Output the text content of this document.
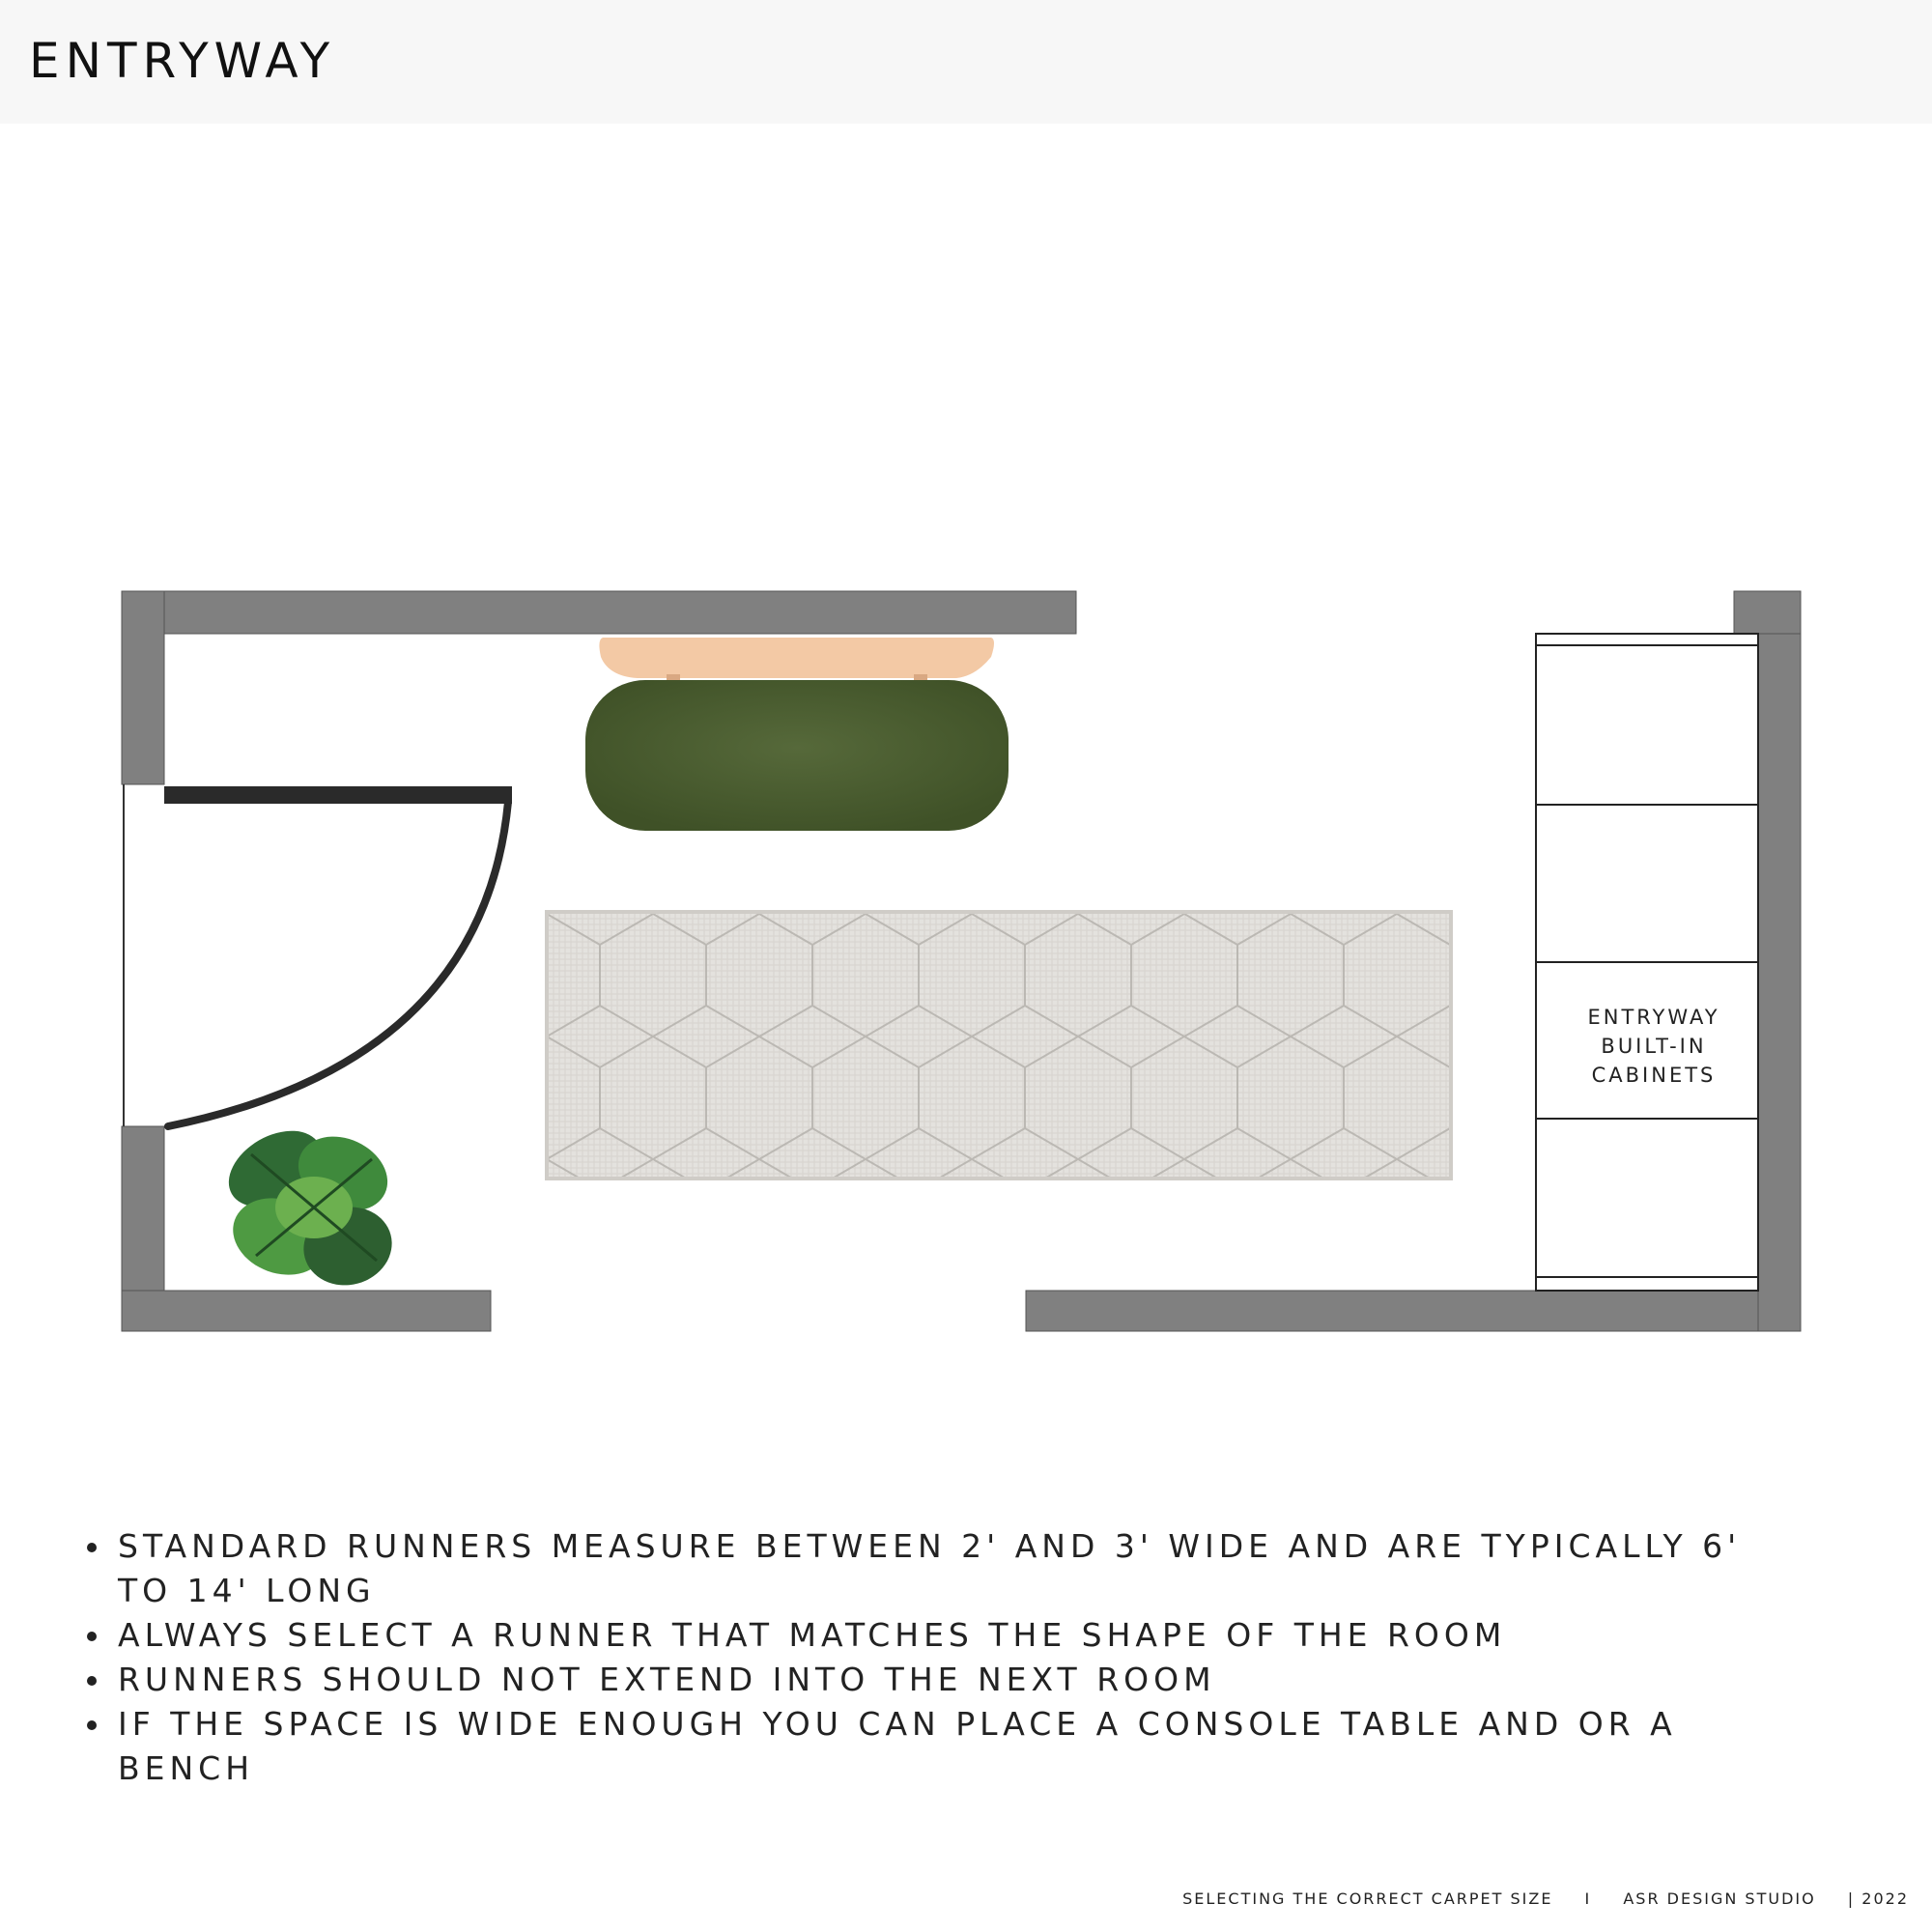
ENTRYWAY
ENTRYWAY
BUILT-IN
CABINETS
STANDARD RUNNERS MEASURE BETWEEN 2' AND 3' WIDE AND ARE TYPICALLY 6' TO 14' LONG
ALWAYS SELECT A RUNNER THAT MATCHES THE SHAPE OF THE ROOM
RUNNERS SHOULD NOT EXTEND INTO THE NEXT ROOM
IF THE SPACE IS WIDE ENOUGH YOU CAN PLACE A CONSOLE TABLE AND OR A BENCH
SELECTING THE CORRECT CARPET SIZE I ASR DESIGN STUDIO | 2022
